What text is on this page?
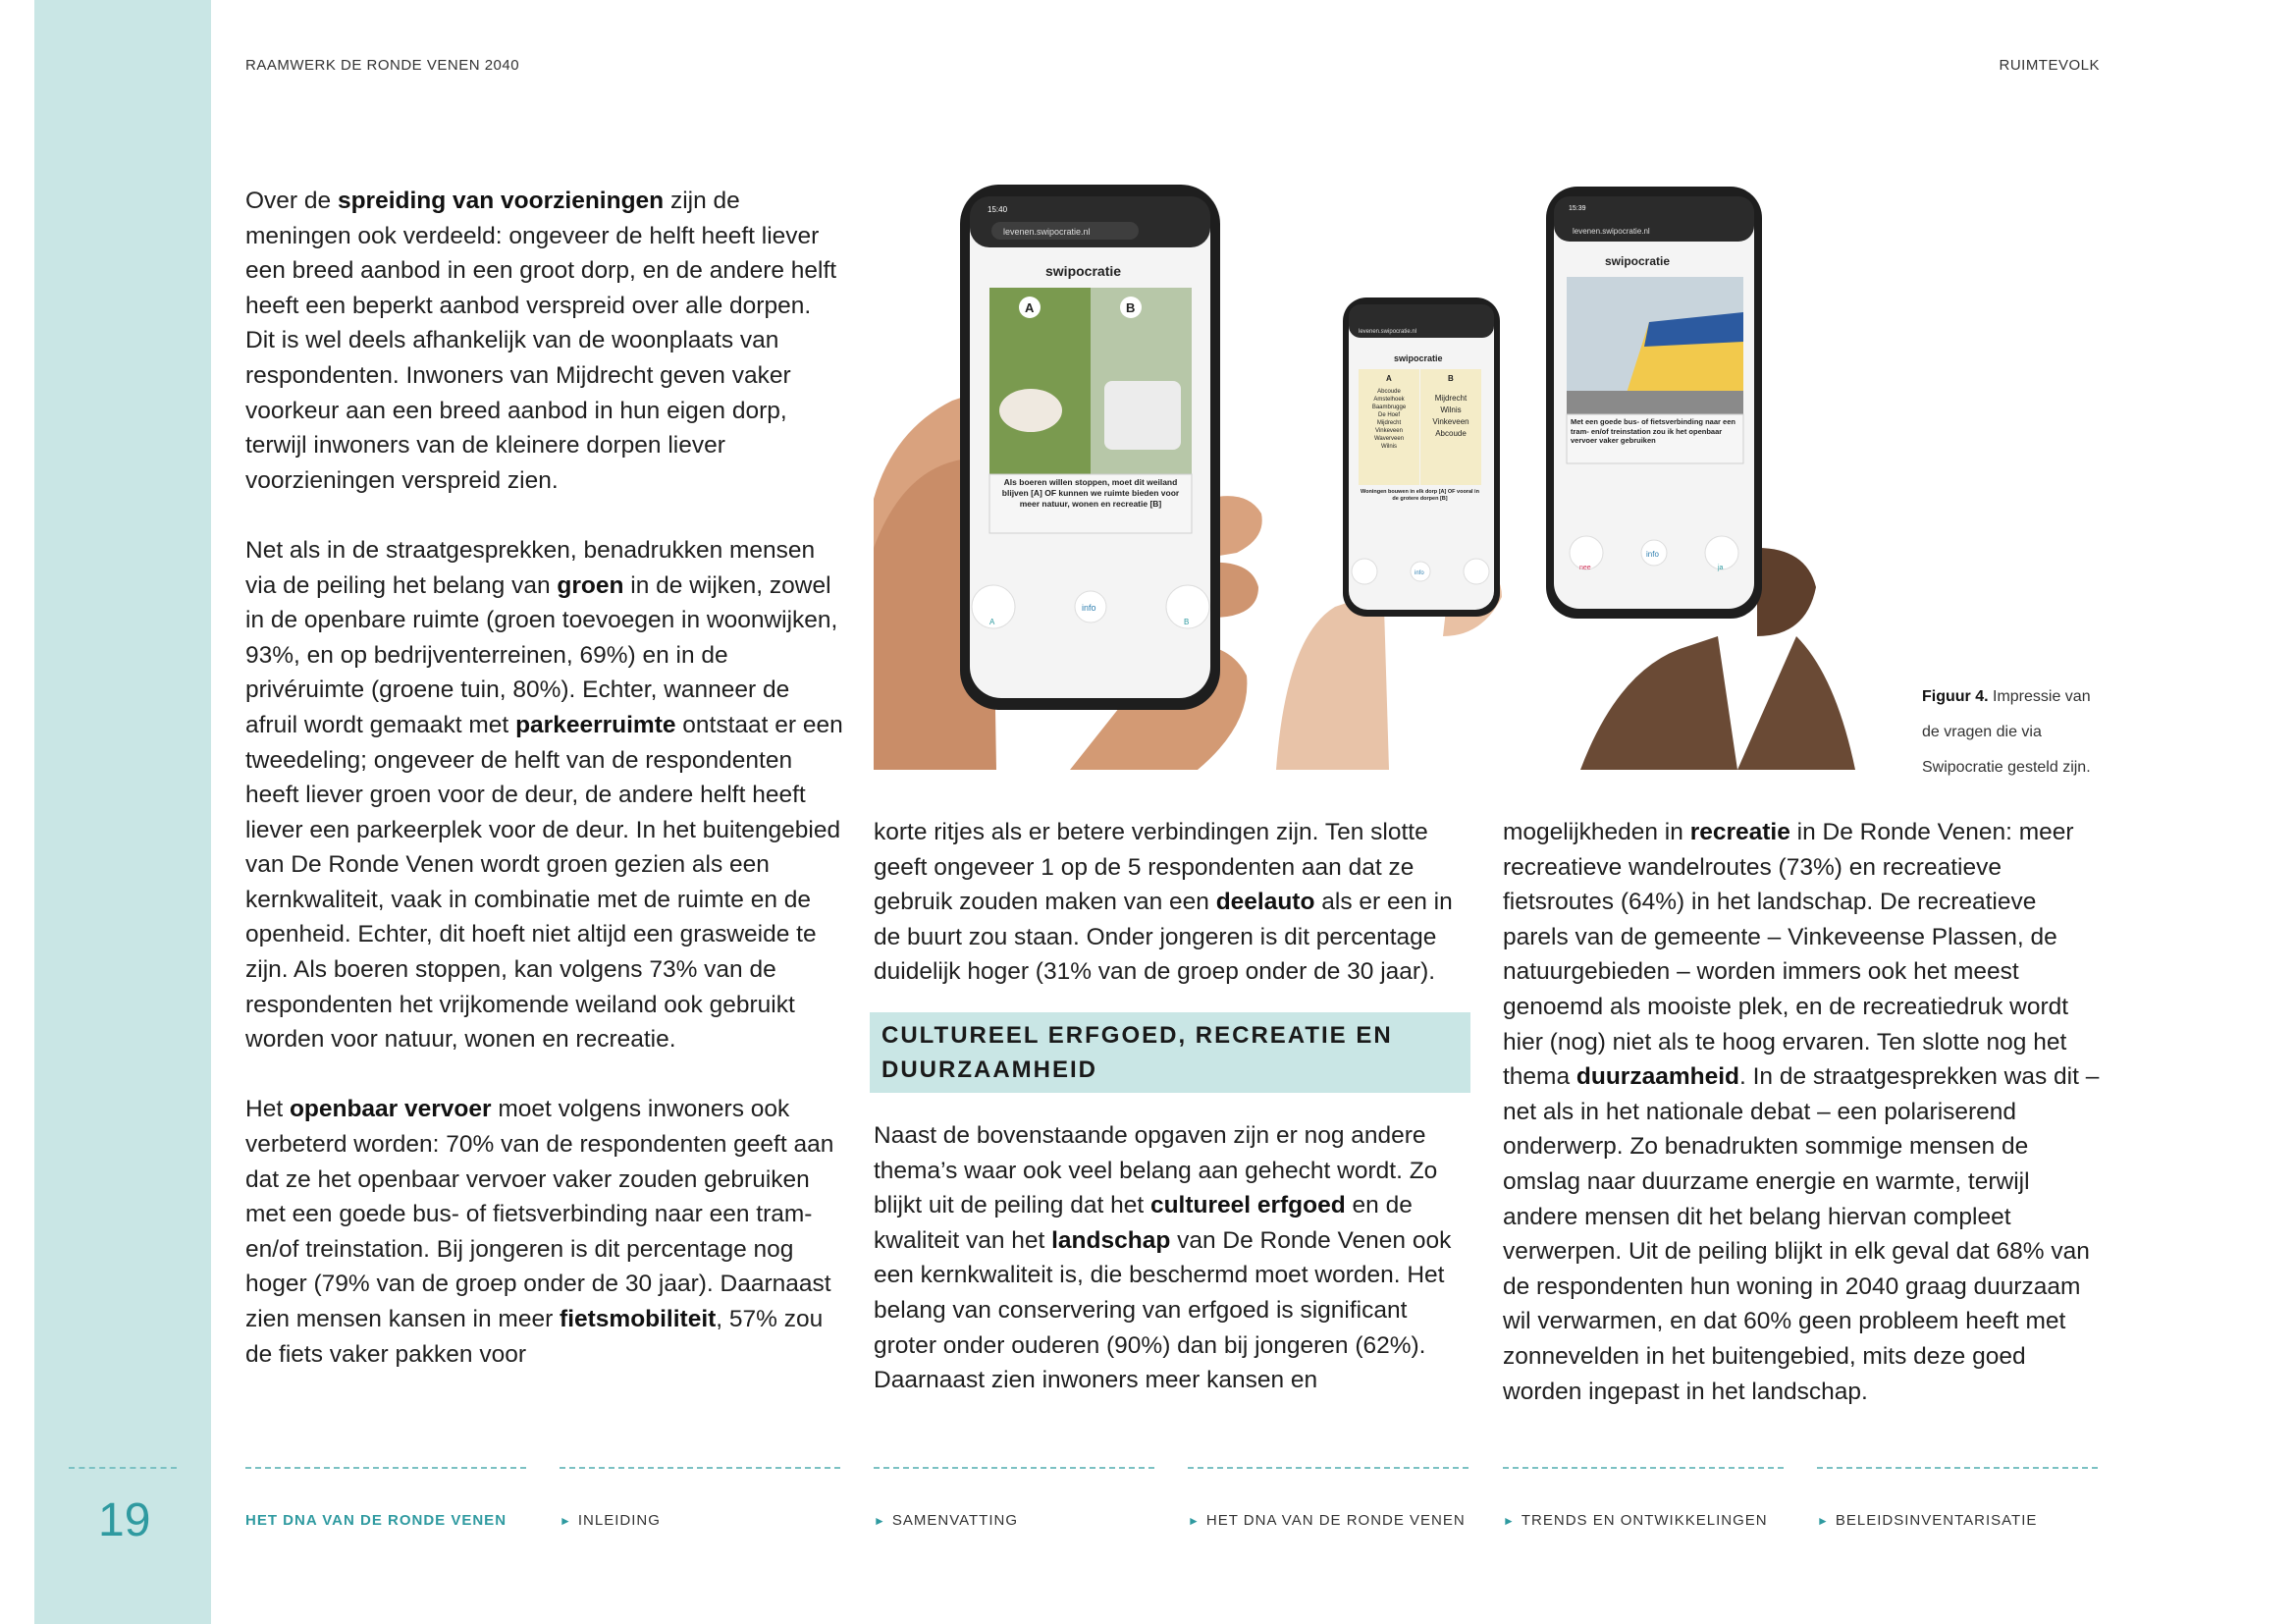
RAAMWERK DE RONDE VENEN 2040	RUIMTEVOLK

Over de spreiding van voorzieningen zijn de meningen ook verdeeld: ongeveer de helft heeft liever een breed aanbod in een groot dorp, en de andere helft heeft een beperkt aanbod verspreid over alle dorpen. Dit is wel deels afhankelijk van de woonplaats van respondenten. Inwoners van Mijdrecht geven vaker voorkeur aan een breed aanbod in hun eigen dorp, terwijl inwoners van de kleinere dorpen liever voorzieningen verspreid zien.

Net als in de straatgesprekken, benadrukken mensen via de peiling het belang van groen in de wijken, zowel in de openbare ruimte (groen toevoegen in woonwijken, 93%, en op bedrijventerreinen, 69%) en in de privéruimte (groene tuin, 80%). Echter, wanneer de afruil wordt gemaakt met parkeerruimte ontstaat er een tweedeling; ongeveer de helft van de respondenten heeft liever groen voor de deur, de andere helft heeft liever een parkeerplek voor de deur. In het buitengebied van De Ronde Venen wordt groen gezien als een kernkwaliteit, vaak in combinatie met de ruimte en de openheid. Echter, dit hoeft niet altijd een grasweide te zijn. Als boeren stoppen, kan volgens 73% van de respondenten het vrijkomende weiland ook gebruikt worden voor natuur, wonen en recreatie.

Het openbaar vervoer moet volgens inwoners ook verbeterd worden: 70% van de respondenten geeft aan dat ze het openbaar vervoer vaker zouden gebruiken met een goede bus- of fietsverbinding naar een tram- en/of treinstation. Bij jongeren is dit percentage nog hoger (79% van de groep onder de 30 jaar). Daarnaast zien mensen kansen in meer fietsmobiliteit, 57% zou de fiets vaker pakken voor

15:40
levenen.swipocratie.nl
swipocratie
A	B
Als boeren willen stoppen, moet dit weiland blijven [A] OF kunnen we ruimte bieden voor meer natuur, wonen en recreatie [B]
A
info
B
levenen.swipocratie.nl
swipocratie
A	B
Abcoude
Amstelhoek
Baambrugge
De Hoef
Mijdrecht
Vinkeveen
Waverveen
Wilnis
Mijdrecht
Wilnis
Vinkeveen
Abcoude
Woningen bouwen in elk dorp [A] OF vooral in de grotere dorpen [B]
info
15:39
levenen.swipocratie.nl
swipocratie
Met een goede bus- of fietsverbinding naar een tram- en/of treinstation zou ik het openbaar vervoer vaker gebruiken
nee
info
ja
Figuur 4. Impressie van de vragen die via Swipocratie gesteld zijn.

korte ritjes als er betere verbindingen zijn. Ten slotte geeft ongeveer 1 op de 5 respondenten aan dat ze gebruik zouden maken van een deelauto als er een in de buurt zou staan. Onder jongeren is dit percentage duidelijk hoger (31% van de groep onder de 30 jaar).

CULTUREEL ERFGOED, RECREATIE EN
DUURZAAMHEID

Naast de bovenstaande opgaven zijn er nog andere thema’s waar ook veel belang aan gehecht wordt. Zo blijkt uit de peiling dat het cultureel erfgoed en de kwaliteit van het landschap van De Ronde Venen ook een kernkwaliteit is, die beschermd moet worden. Het belang van conservering van erfgoed is significant groter onder ouderen (90%) dan bij jongeren (62%). Daarnaast zien inwoners meer kansen en

mogelijkheden in recreatie in De Ronde Venen: meer recreatieve wandelroutes (73%) en recreatieve fietsroutes (64%) in het landschap. De recreatieve parels van de gemeente – Vinkeveense Plassen, de natuurgebieden – worden immers ook het meest genoemd als mooiste plek, en de recreatiedruk wordt hier (nog) niet als te hoog ervaren. Ten slotte nog het thema duurzaamheid. In de straatgesprekken was dit – net als in het nationale debat – een polariserend onderwerp. Zo benadrukten sommige mensen de omslag naar duurzame energie en warmte, terwijl andere mensen dit het belang hiervan compleet verwerpen. Uit de peiling blijkt in elk geval dat 68% van de respondenten hun woning in 2040 graag duurzaam wil verwarmen, en dat 60% geen probleem heeft met zonnevelden in het buitengebied, mits deze goed worden ingepast in het landschap.

19	HET DNA VAN DE RONDE VENEN	► INLEIDING	► SAMENVATTING	► HET DNA VAN DE RONDE VENEN	► TRENDS EN ONTWIKKELINGEN	► BELEIDSINVENTARISATIE
